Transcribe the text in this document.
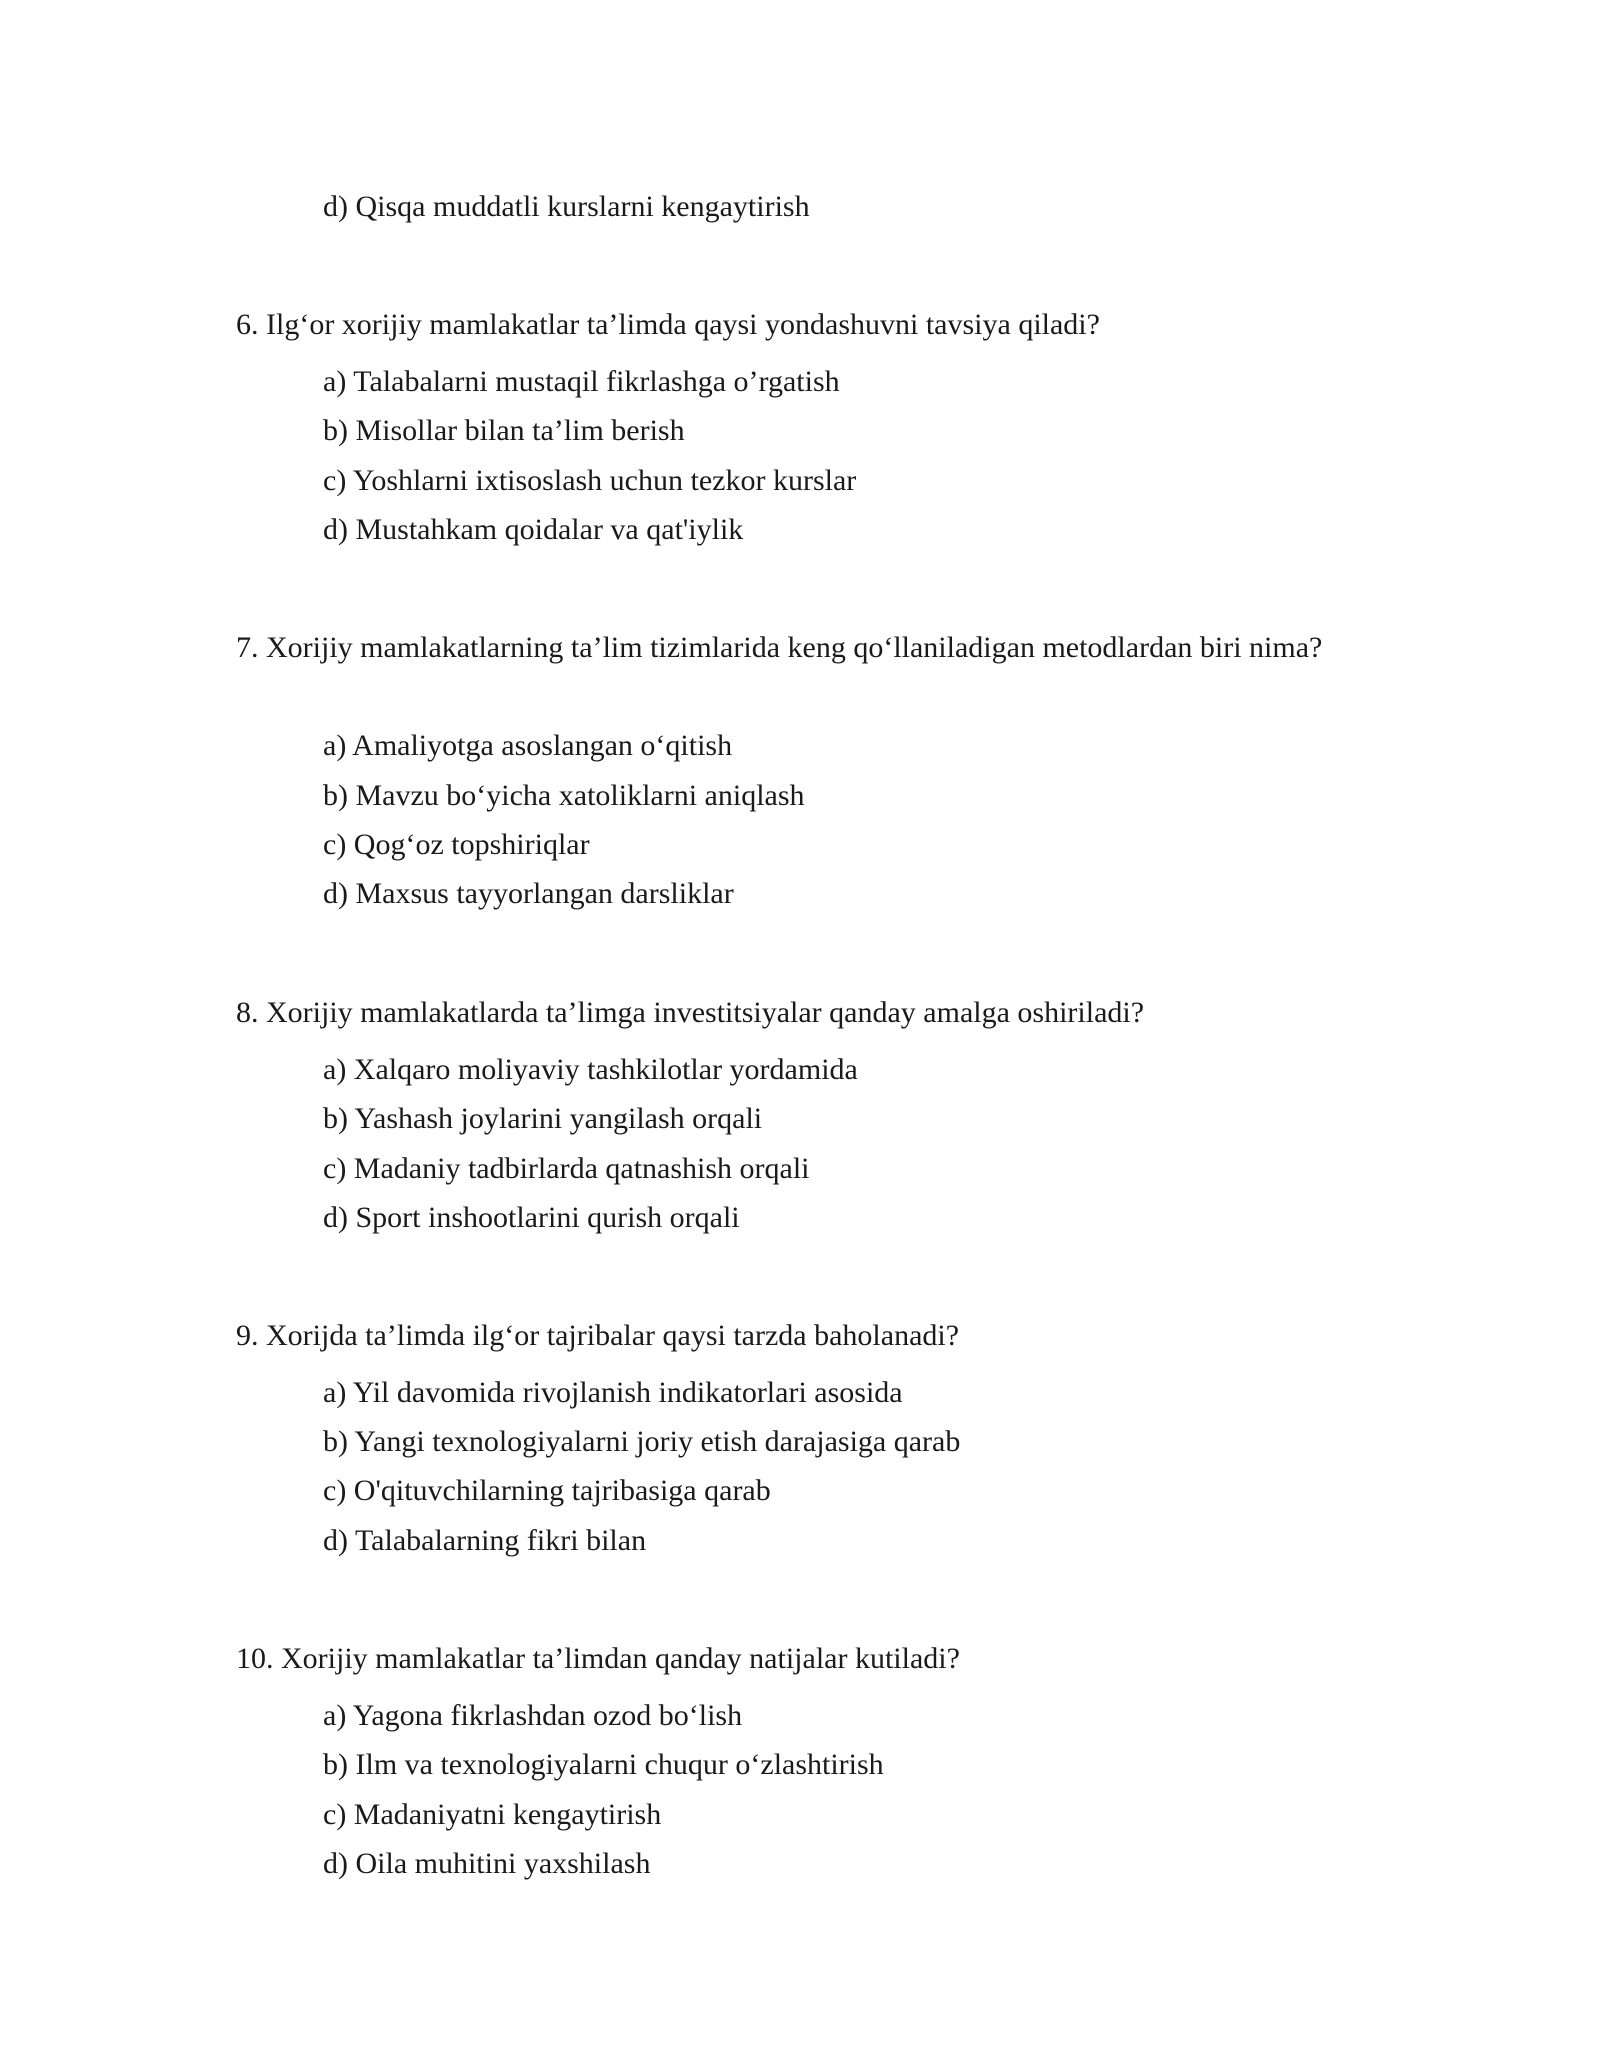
d) Qisqa muddatli kurslarni kengaytirish
6. Ilg‘or xorijiy mamlakatlar ta’limda qaysi yondashuvni tavsiya qiladi?
a) Talabalarni mustaqil fikrlashga o’rgatish
b) Misollar bilan ta’lim berish
c) Yoshlarni ixtisoslash uchun tezkor kurslar
d) Mustahkam qoidalar va qat'iylik
7. Xorijiy mamlakatlarning ta’lim tizimlarida keng qo‘llaniladigan metodlardan biri nima?
a) Amaliyotga asoslangan o‘qitish
b) Mavzu bo‘yicha xatoliklarni aniqlash
c) Qog‘oz topshiriqlar
d) Maxsus tayyorlangan darsliklar
8. Xorijiy mamlakatlarda ta’limga investitsiyalar qanday amalga oshiriladi?
a) Xalqaro moliyaviy tashkilotlar yordamida
b) Yashash joylarini yangilash orqali
c) Madaniy tadbirlarda qatnashish orqali
d) Sport inshootlarini qurish orqali
9. Xorijda ta’limda ilg‘or tajribalar qaysi tarzda baholanadi?
a) Yil davomida rivojlanish indikatorlari asosida
b) Yangi texnologiyalarni joriy etish darajasiga qarab
c) O'qituvchilarning tajribasiga qarab
d) Talabalarning fikri bilan
10. Xorijiy mamlakatlar ta’limdan qanday natijalar kutiladi?
a) Yagona fikrlashdan ozod bo‘lish
b) Ilm va texnologiyalarni chuqur o‘zlashtirish
c) Madaniyatni kengaytirish
d) Oila muhitini yaxshilash
